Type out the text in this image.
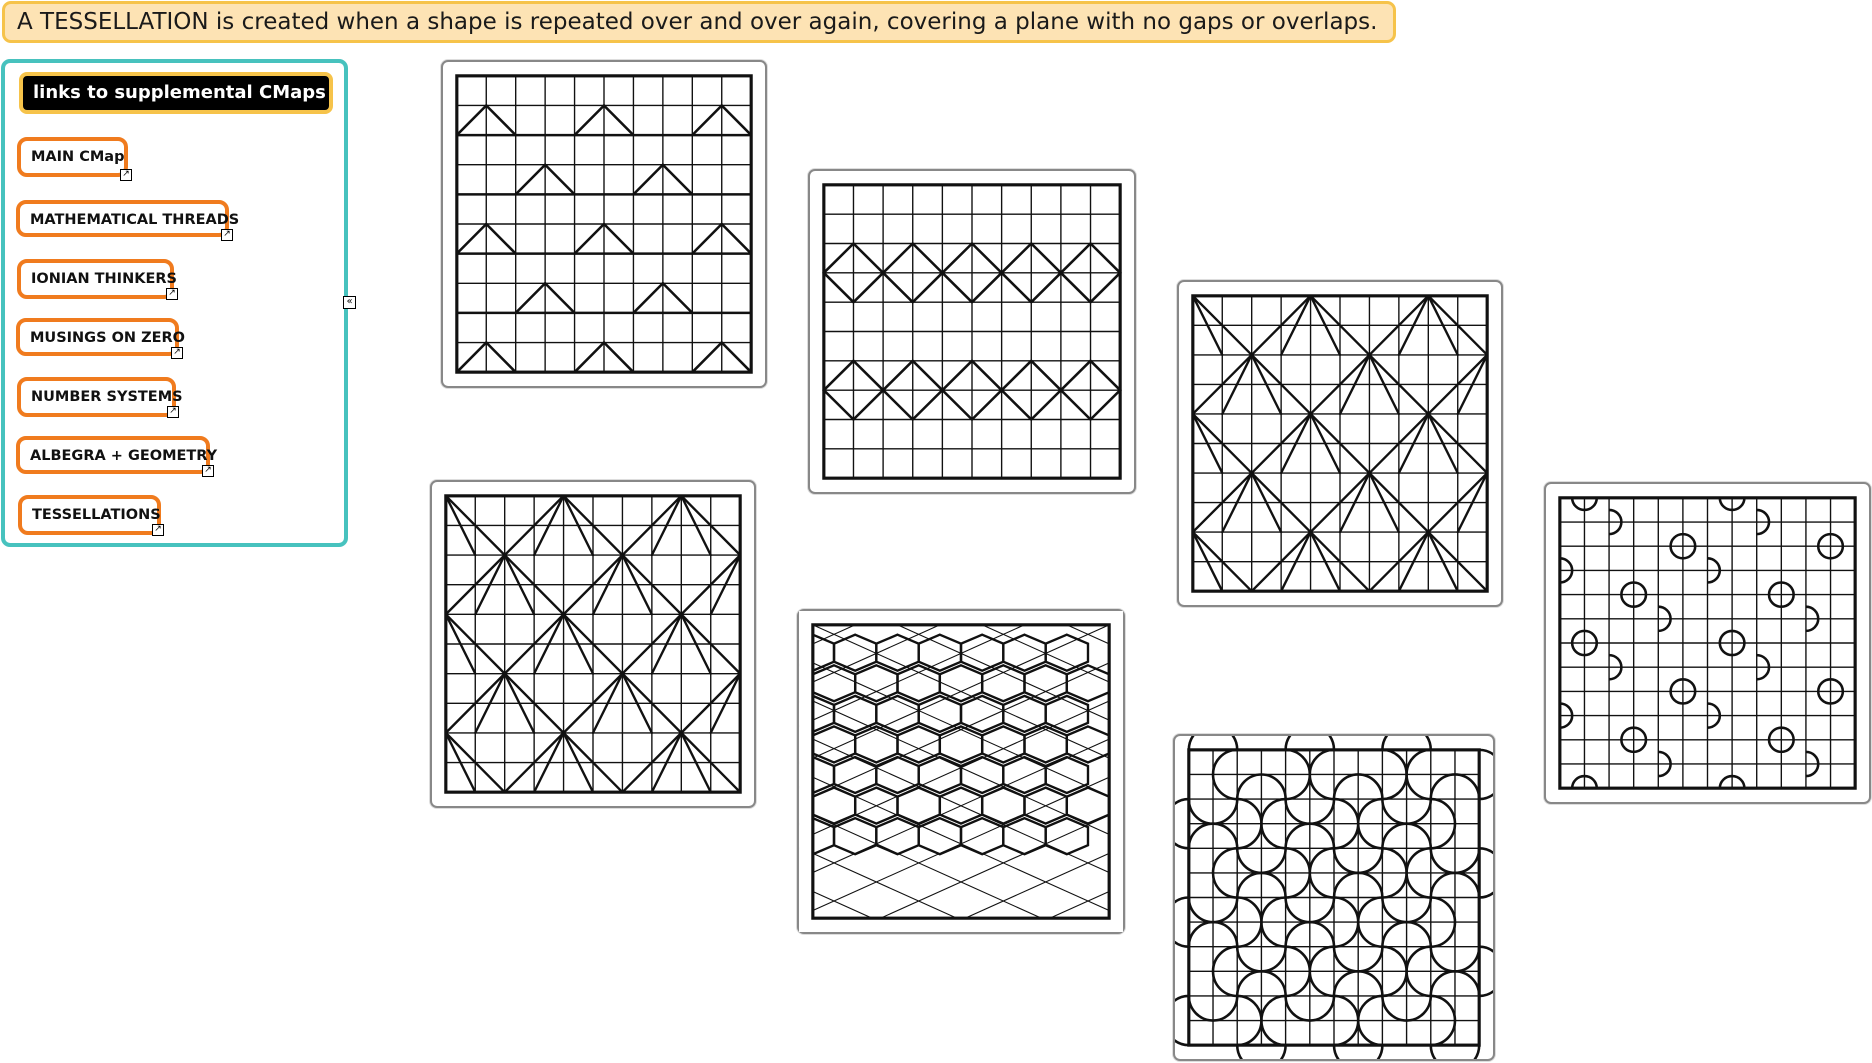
A TESSELLATION is created when a shape is repeated over and over again, covering a plane with no gaps or overlaps.
links to supplemental CMaps
MAIN CMap
↗
MATHEMATICAL THREADS
↗
IONIAN THINKERS
↗
MUSINGS ON ZERO
↗
NUMBER SYSTEMS
↗
ALBEGRA + GEOMETRY
↗
TESSELLATIONS
↗
«
